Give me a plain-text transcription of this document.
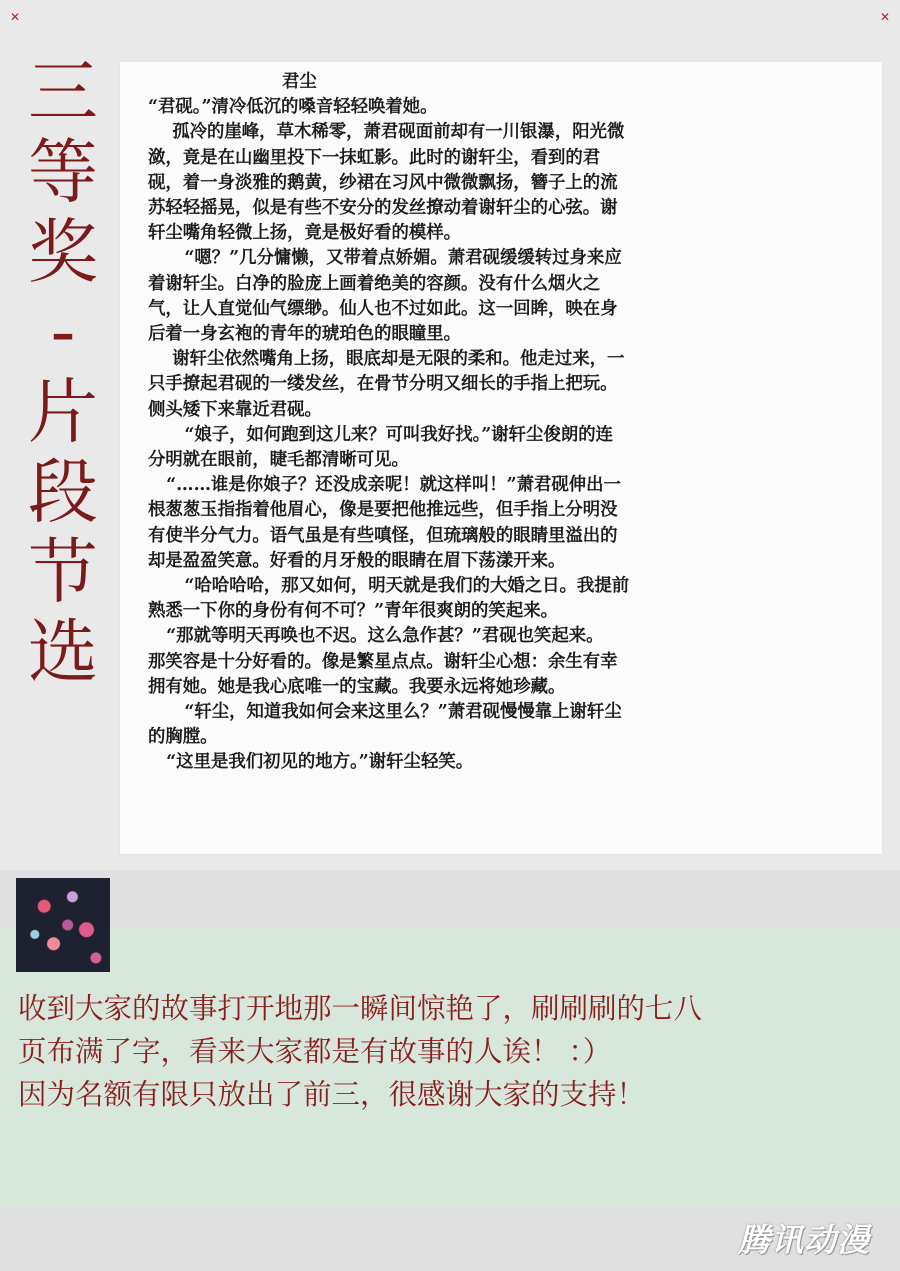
✕	✕
三
等
奖
-
片
段
节
选

君尘

“君砚。”清冷低沉的嗓音轻轻唤着她。

孤冷的崖峰，草木稀零，萧君砚面前却有一川银瀑，阳光微

潋，竟是在山幽里投下一抹虹影。此时的谢轩尘，看到的君

砚，着一身淡雅的鹅黄，纱裙在习风中微微飘扬，簪子上的流

苏轻轻摇晃，似是有些不安分的发丝撩动着谢轩尘的心弦。谢

轩尘嘴角轻微上扬，竟是极好看的模样。

“嗯？”几分慵懒，又带着点娇媚。萧君砚缓缓转过身来应

着谢轩尘。白净的脸庞上画着绝美的容颜。没有什么烟火之

气，让人直觉仙气缥缈。仙人也不过如此。这一回眸，映在身

后着一身玄袍的青年的琥珀色的眼瞳里。

谢轩尘依然嘴角上扬，眼底却是无限的柔和。他走过来，一

只手撩起君砚的一缕发丝，在骨节分明又细长的手指上把玩。

侧头矮下来靠近君砚。

“娘子，如何跑到这儿来？可叫我好找。”谢轩尘俊朗的连

分明就在眼前，睫毛都清晰可见。

“……谁是你娘子？还没成亲呢！就这样叫！”萧君砚伸出一

根葱葱玉指指着他眉心，像是要把他推远些，但手指上分明没

有使半分气力。语气虽是有些嗔怪，但琉璃般的眼睛里溢出的

却是盈盈笑意。好看的月牙般的眼睛在眉下荡漾开来。

“哈哈哈哈，那又如何，明天就是我们的大婚之日。我提前

熟悉一下你的身份有何不可？”青年很爽朗的笑起来。

“那就等明天再唤也不迟。这么急作甚？”君砚也笑起来。

那笑容是十分好看的。像是繁星点点。谢轩尘心想：余生有幸

拥有她。她是我心底唯一的宝藏。我要永远将她珍藏。

“轩尘，知道我如何会来这里么？”萧君砚慢慢靠上谢轩尘

的胸膛。

“这里是我们初见的地方。”谢轩尘轻笑。

收到大家的故事打开地那一瞬间惊艳了，刷刷刷的七八
页布满了字，看来大家都是有故事的人诶！ ：）
因为名额有限只放出了前三，很感谢大家的支持！
腾讯动漫
